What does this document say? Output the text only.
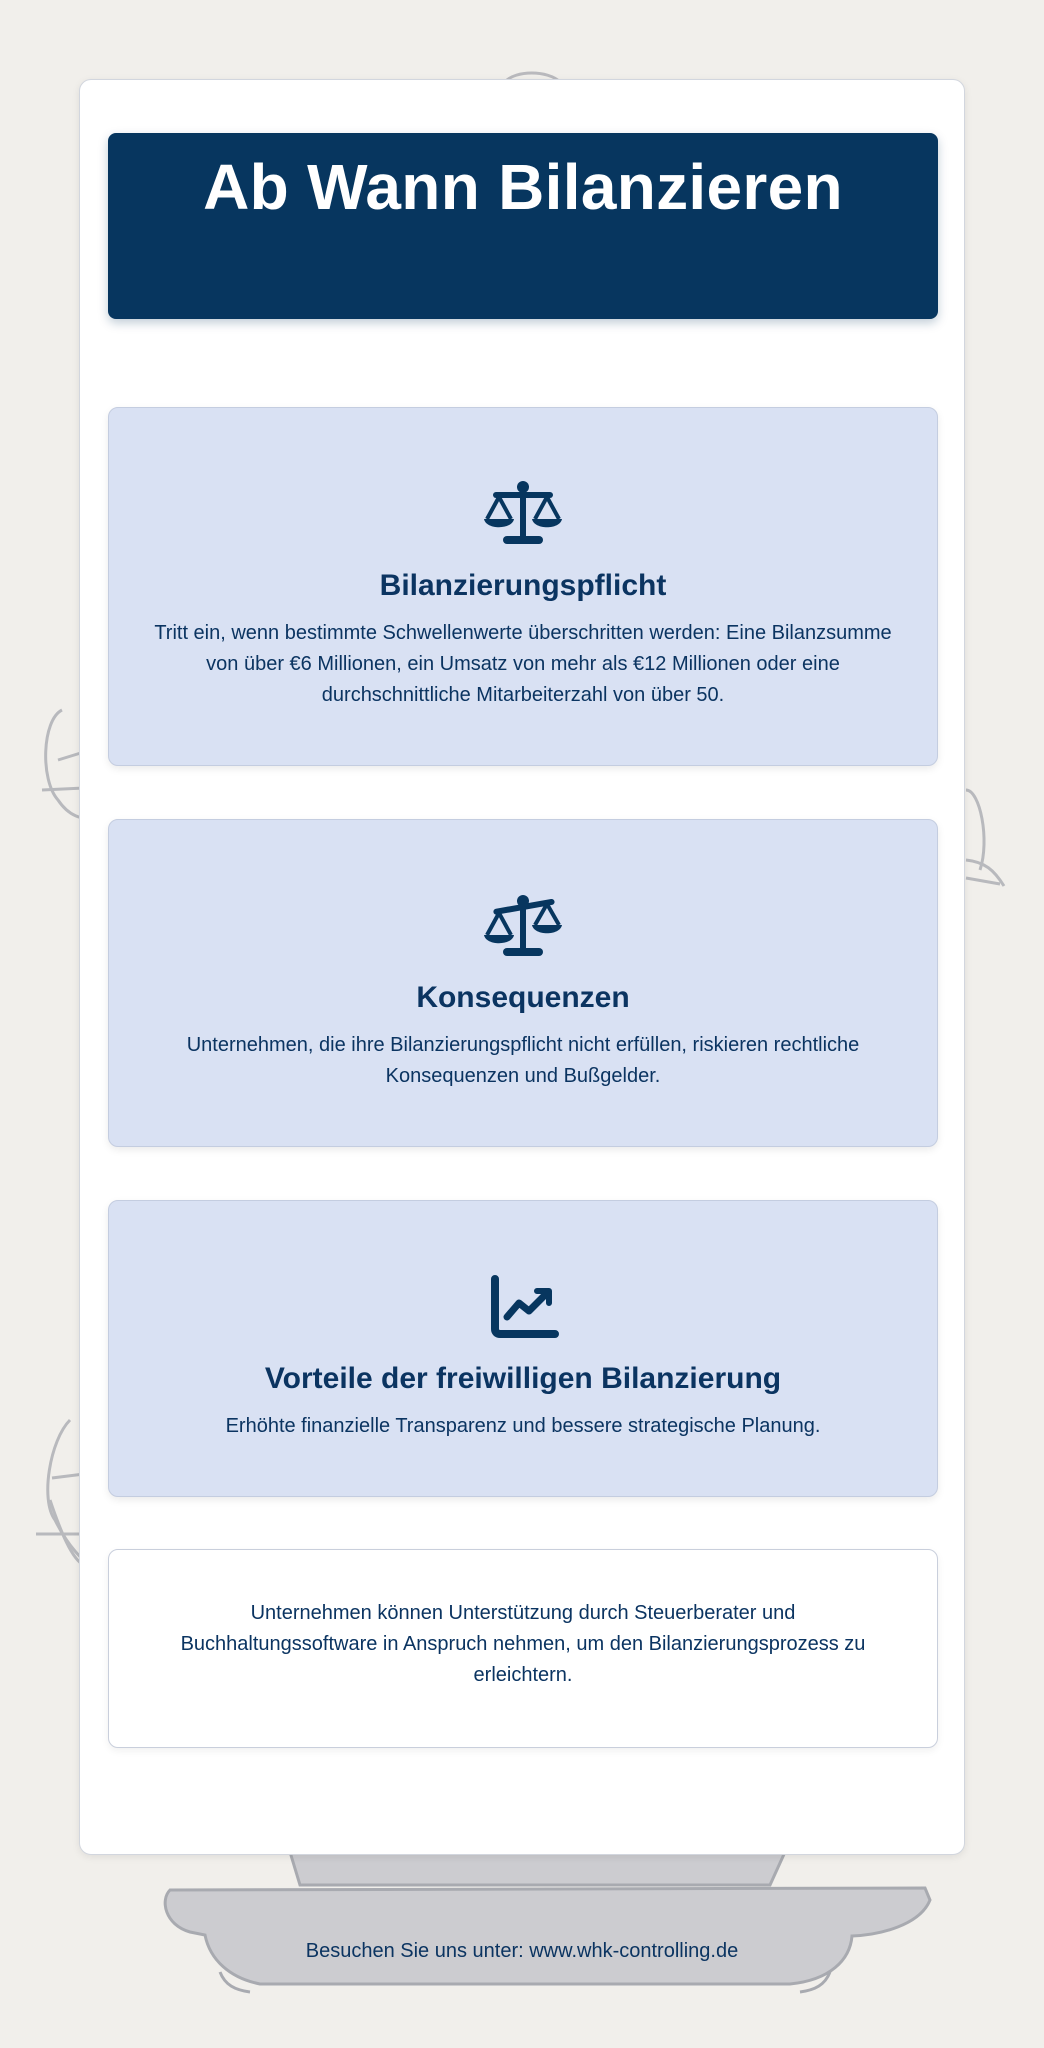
Ab Wann Bilanzieren
Bilanzierungspflicht
Tritt ein, wenn bestimmte Schwellenwerte überschritten werden: Eine Bilanzsumme von über €6 Millionen, ein Umsatz von mehr als €12 Millionen oder eine durchschnittliche Mitarbeiterzahl von über 50.
Konsequenzen
Unternehmen, die ihre Bilanzierungspflicht nicht erfüllen, riskieren rechtliche Konsequenzen und Bußgelder.
Vorteile der freiwilligen Bilanzierung
Erhöhte finanzielle Transparenz und bessere strategische Planung.
Unternehmen können Unterstützung durch Steuerberater und Buchhaltungssoftware in Anspruch nehmen, um den Bilanzierungsprozess zu erleichtern.
Besuchen Sie uns unter: www.whk-controlling.de
